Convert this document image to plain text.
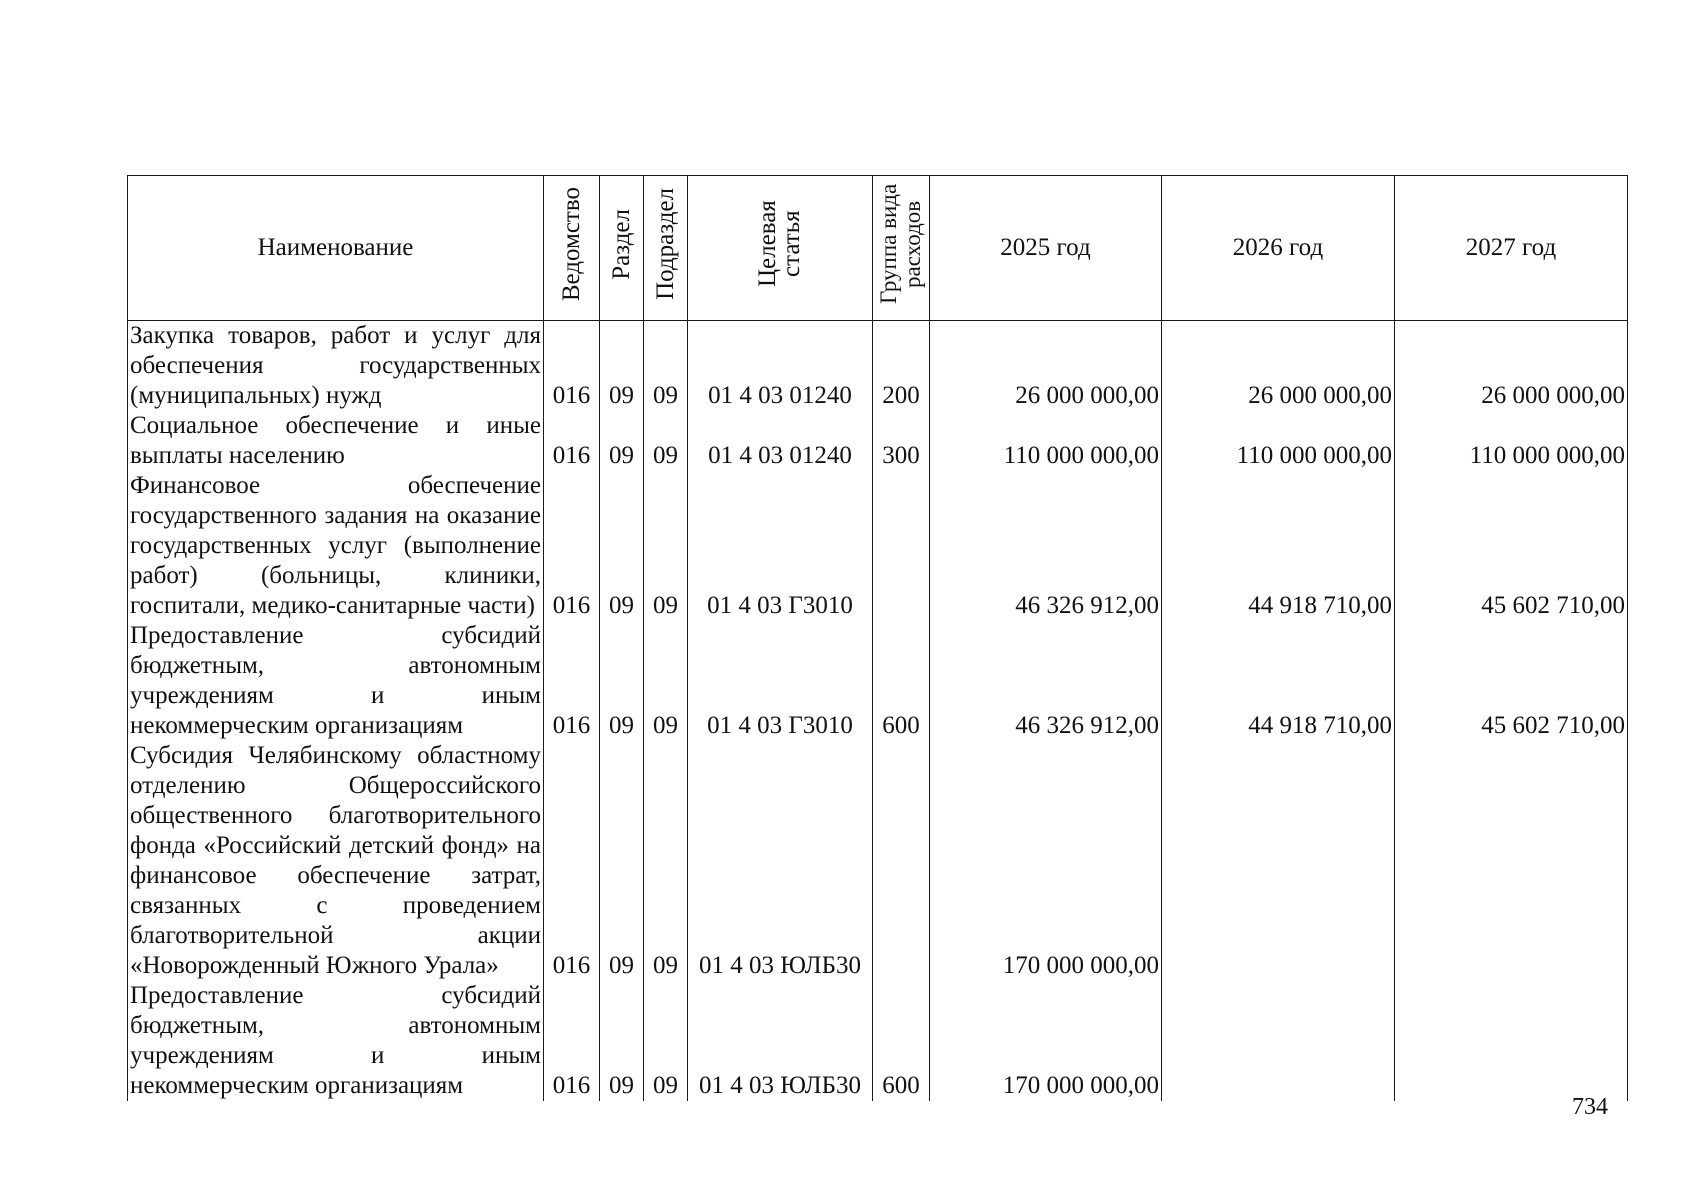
Наименование	Ведомство	Раздел	Подраздел	Целевая статья	Группа вида расходов	2025 год	2026 год	2027 год
Закупка товаров, работ и услуг для обеспечения государственных (муниципальных) нужд	016	09	09	01 4 03 01240	200	26 000 000,00	26 000 000,00	26 000 000,00
Социальное обеспечение и иные выплаты населению	016	09	09	01 4 03 01240	300	110 000 000,00	110 000 000,00	110 000 000,00
Финансовое обеспечение государственного задания на оказание государственных услуг (выполнение работ) (больницы, клиники, госпитали, медико-санитарные части)	016	09	09	01 4 03 Г3010		46 326 912,00	44 918 710,00	45 602 710,00
Предоставление субсидий бюджетным, автономным учреждениям и иным некоммерческим организациям	016	09	09	01 4 03 Г3010	600	46 326 912,00	44 918 710,00	45 602 710,00
Субсидия Челябинскому областному отделению Общероссийского общественного благотворительного фонда «Российский детский фонд» на финансовое обеспечение затрат, связанных с проведением благотворительной акции «Новорожденный Южного Урала»	016	09	09	01 4 03 ЮЛБ30		170 000 000,00		
Предоставление субсидий бюджетным, автономным учреждениям и иным некоммерческим организациям	016	09	09	01 4 03 ЮЛБ30	600	170 000 000,00		
734
